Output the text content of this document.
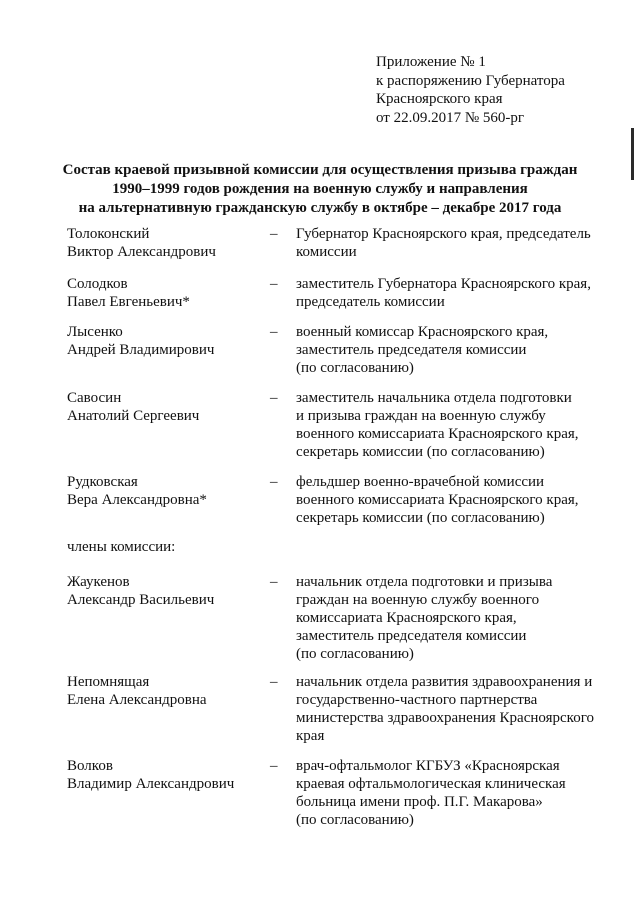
Приложение № 1
к распоряжению Губернатора
Красноярского края
от 22.09.2017 № 560-рг
Состав краевой призывной комиссии для осуществления призыва граждан
1990–1999 годов рождения на военную службу и направления
на альтернативную гражданскую службу в октябре – декабре 2017 года
Толоконский
Виктор Александрович
– Губернатор Красноярского края, председатель
комиссии
Солодков
Павел Евгеньевич*
– заместитель Губернатора Красноярского края,
председатель комиссии
Лысенко
Андрей Владимирович
– военный комиссар Красноярского края,
заместитель председателя комиссии
(по согласованию)
Савосин
Анатолий Сергеевич
– заместитель начальника отдела подготовки
и призыва граждан на военную службу
военного комиссариата Красноярского края,
секретарь комиссии (по согласованию)
Рудковская
Вера Александровна*
– фельдшер военно-врачебной комиссии
военного комиссариата Красноярского края,
секретарь комиссии (по согласованию)
члены комиссии:
Жаукенов
Александр Васильевич
– начальник отдела подготовки и призыва
граждан на военную службу военного
комиссариата Красноярского края,
заместитель председателя комиссии
(по согласованию)
Непомнящая
Елена Александровна
– начальник отдела развития здравоохранения и
государственно-частного партнерства
министерства здравоохранения Красноярского
края
Волков
Владимир Александрович
– врач-офтальмолог КГБУЗ «Красноярская
краевая офтальмологическая клиническая
больница имени проф. П.Г. Макарова»
(по согласованию)
